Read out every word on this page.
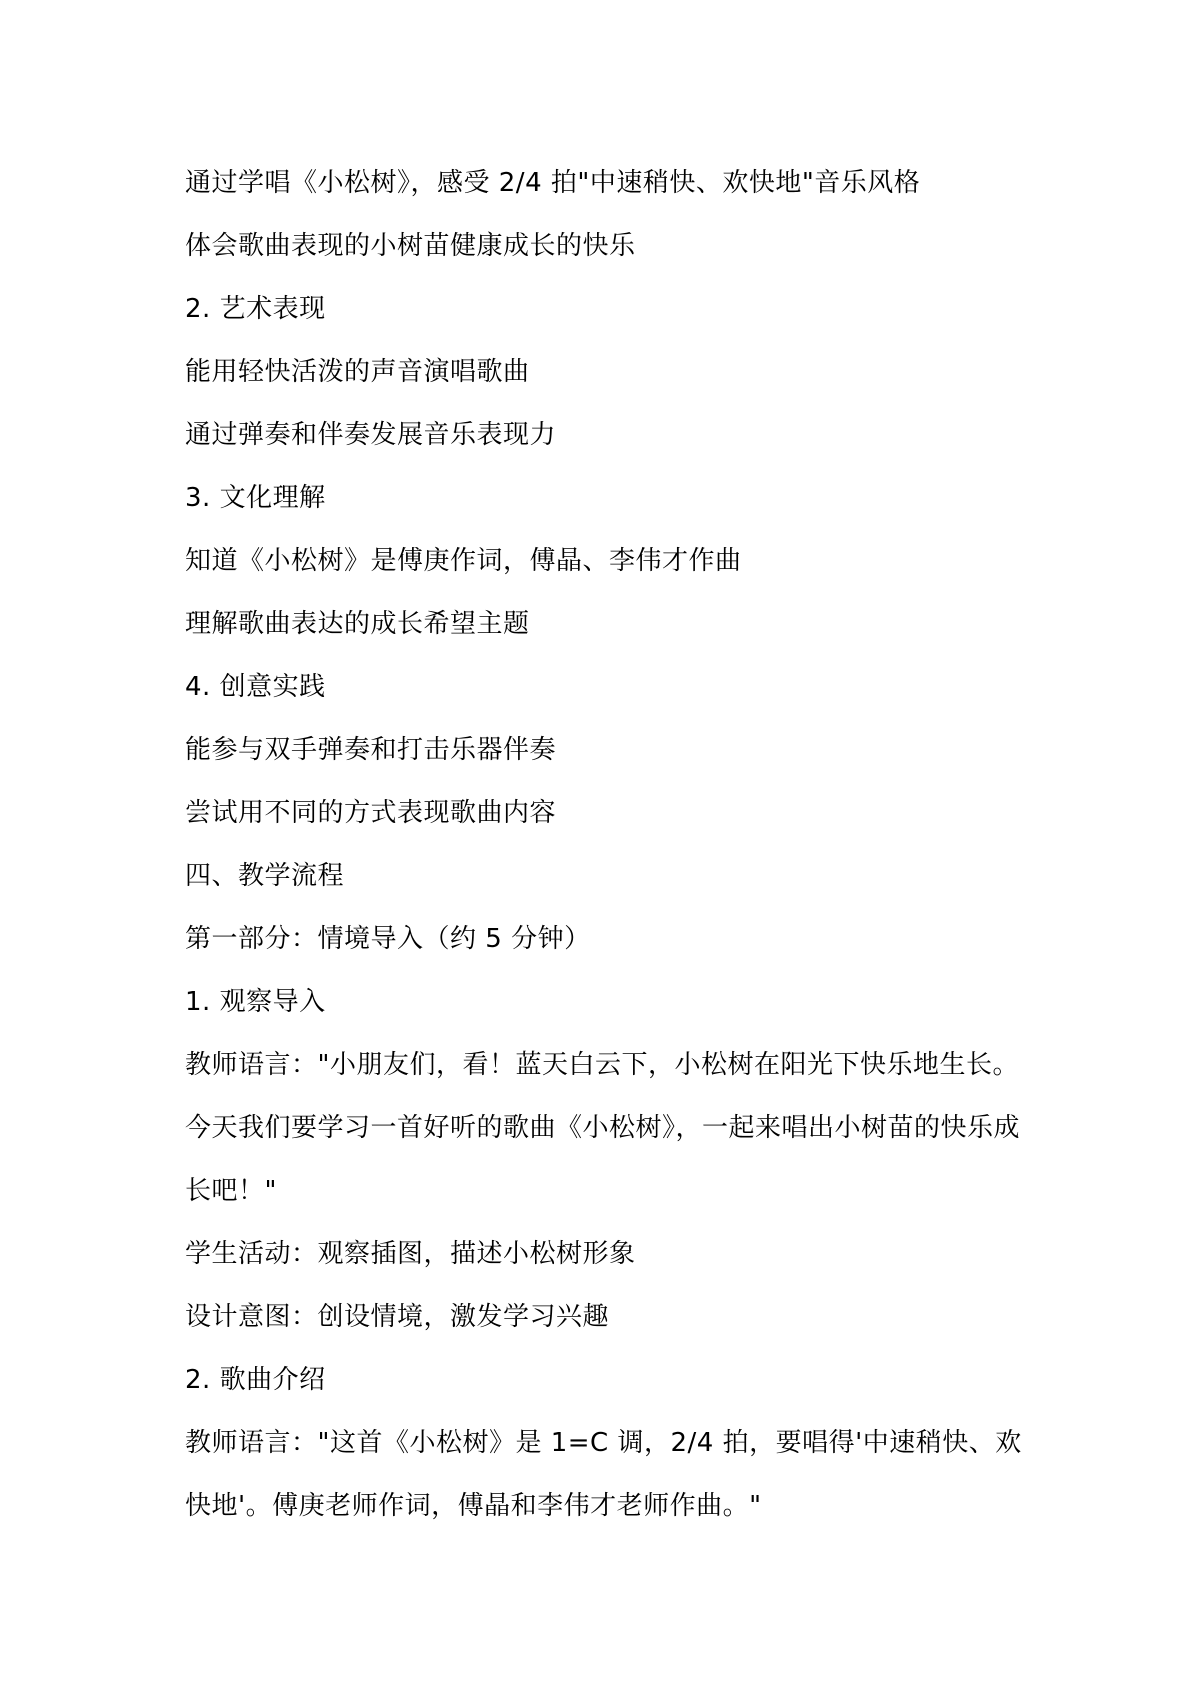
通过学唱《小松树》，感受 2/4 拍"中速稍快、欢快地"音乐风格
体会歌曲表现的小树苗健康成长的快乐
2. 艺术表现
能用轻快活泼的声音演唱歌曲
通过弹奏和伴奏发展音乐表现力
3. 文化理解
知道《小松树》是傅庚作词，傅晶、李伟才作曲
理解歌曲表达的成长希望主题
4. 创意实践
能参与双手弹奏和打击乐器伴奏
尝试用不同的方式表现歌曲内容
四、教学流程
第一部分：情境导入（约 5 分钟）
1. 观察导入
教师语言："小朋友们，看！蓝天白云下，小松树在阳光下快乐地生长。今天我们要学习一首好听的歌曲《小松树》，一起来唱出小树苗的快乐成长吧！"
学生活动：观察插图，描述小松树形象
设计意图：创设情境，激发学习兴趣
2. 歌曲介绍
教师语言："这首《小松树》是 1=C 调，2/4 拍，要唱得'中速稍快、欢快地'。傅庚老师作词，傅晶和李伟才老师作曲。"
